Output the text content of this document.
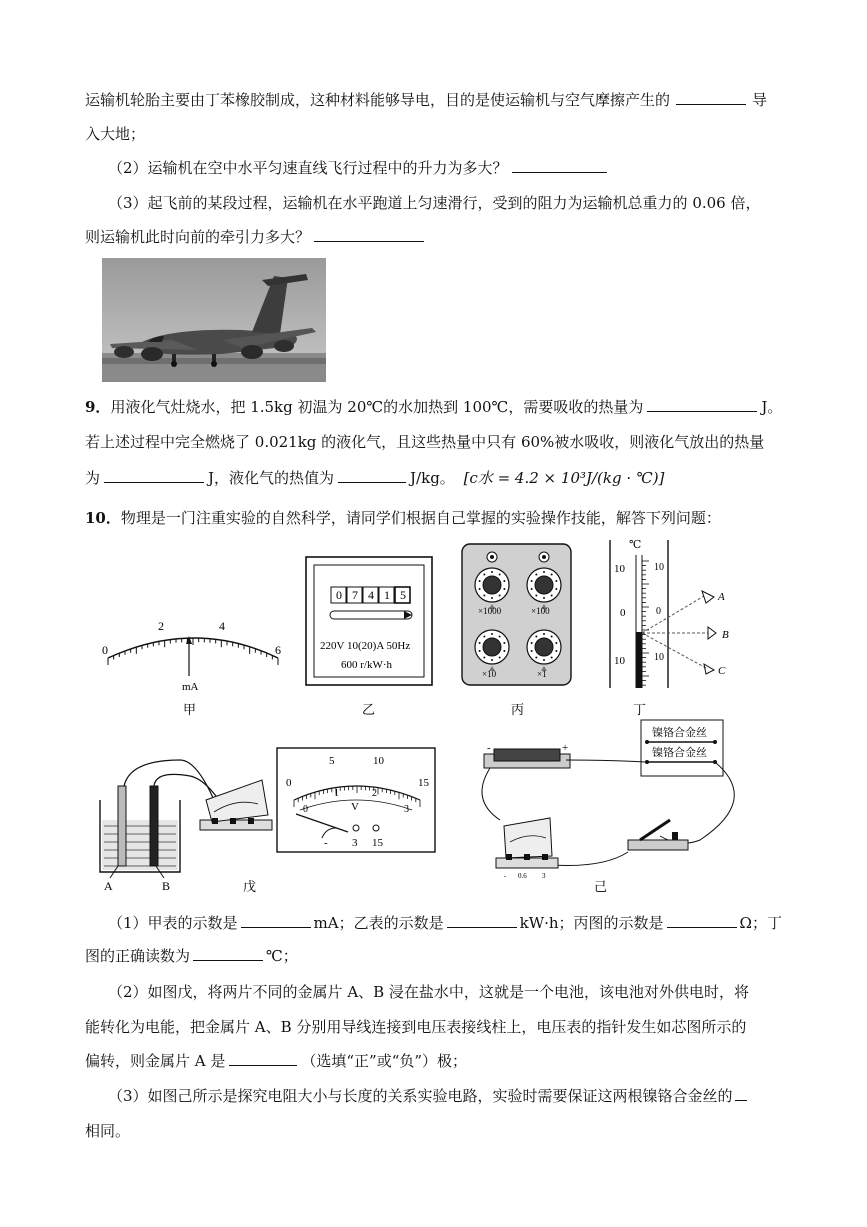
运输机轮胎主要由丁苯橡胶制成，这种材料能够导电，目的是使运输机与空气摩擦产生的	导
入大地；
（2）运输机在空中水平匀速直线飞行过程中的升力为多大？
（3）起飞前的某段过程，运输机在水平跑道上匀速滑行，受到的阻力为运输机总重力的 0.06 倍，
则运输机此时向前的牵引力多大？
9．用液化气灶烧水，把 1.5kg 初温为 20℃的水加热到 100℃，需要吸收的热量为	J。
若上述过程中完全燃烧了 0.021kg 的液化气，且这些热量中只有 60%被水吸收，则液化气放出的热量
为	J，液化气的热值为	J/kg。 [c水 = 4.2 × 10³J/(kg · ℃)]
10．物理是一门注重实验的自然科学，请同学们根据自己掌握的实验操作技能，解答下列问题：
0
2	4
6
mA
甲
0 7 4 1 5
220V 10(20)A 50Hz
600 r/kW·h
乙
×1000	×100
×10	×1
丙
℃
10
0
10
10
0
10
A
B
C
丁
A	B
0
5	10
15
0
1	2
3
V
- 3 15
戊
-	+
镍铬合金丝
镍铬合金丝
- 0.6 3
己
（1）甲表的示数是	mA；乙表的示数是	kW·h；丙图的示数是	Ω；丁
图的正确读数为	℃；
（2）如图戊，将两片不同的金属片 A、B 浸在盐水中，这就是一个电池，该电池对外供电时，将
能转化为电能，把金属片 A、B 分别用导线连接到电压表接线柱上，电压表的指针发生如芯图所示的
偏转，则金属片 A 是	（选填“正”或“负”）极；
（3）如图己所示是探究电阻大小与长度的关系实验电路，实验时需要保证这两根镍铬合金丝的
相同。
